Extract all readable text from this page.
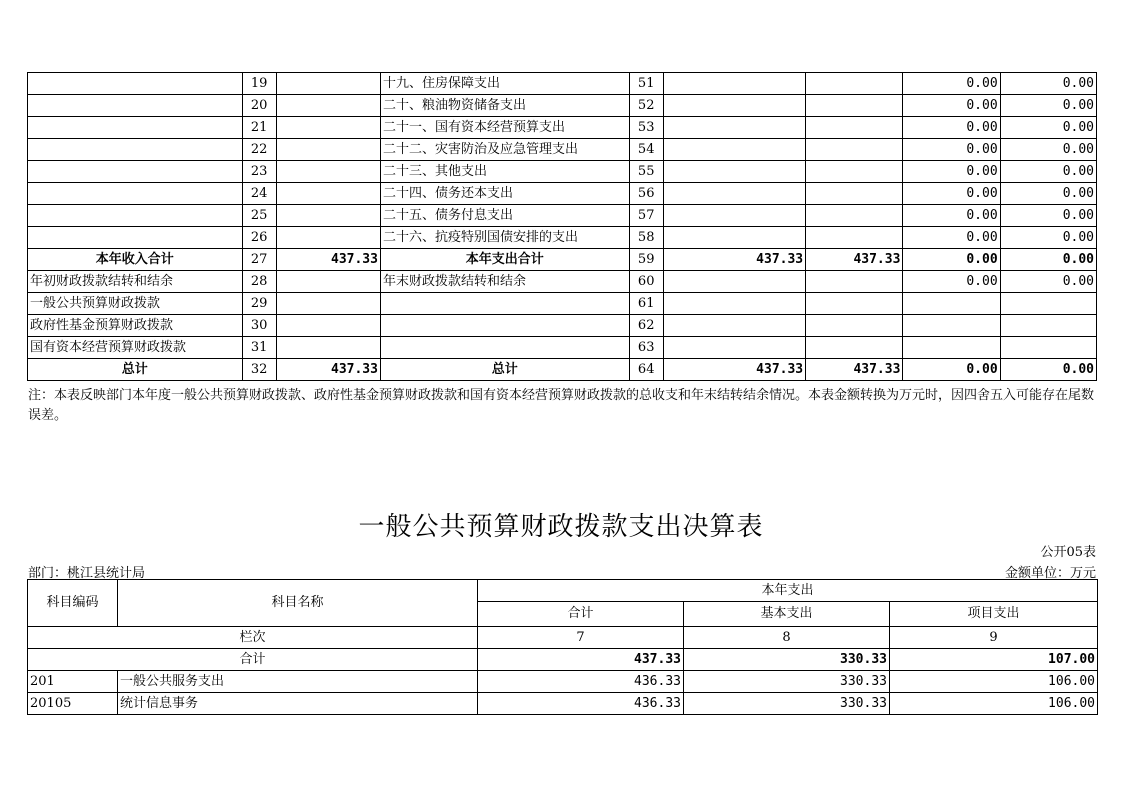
	19		十九、住房保障支出	51			0.00	0.00
	20		二十、粮油物资储备支出	52			0.00	0.00
	21		二十一、国有资本经营预算支出	53			0.00	0.00
	22		二十二、灾害防治及应急管理支出	54			0.00	0.00
	23		二十三、其他支出	55			0.00	0.00
	24		二十四、债务还本支出	56			0.00	0.00
	25		二十五、债务付息支出	57			0.00	0.00
	26		二十六、抗疫特别国债安排的支出	58			0.00	0.00
本年收入合计	27	437.33	本年支出合计	59	437.33	437.33	0.00	0.00
年初财政拨款结转和结余	28		年末财政拨款结转和结余	60			0.00	0.00
一般公共预算财政拨款	29			61				
政府性基金预算财政拨款	30			62				
国有资本经营预算财政拨款	31			63				
总计	32	437.33	总计	64	437.33	437.33	0.00	0.00
注：本表反映部门本年度一般公共预算财政拨款、政府性基金预算财政拨款和国有资本经营预算财政拨款的总收支和年末结转结余情况。本表金额转换为万元时，因四舍五入可能存在尾数误差。
一般公共预算财政拨款支出决算表
公开05表
部门：桃江县统计局	金额单位：万元
科目编码	科目名称	本年支出		
		合计	基本支出	项目支出
栏次		7	8	9
合计		437.33	330.33	107.00
201	一般公共服务支出	436.33	330.33	106.00
20105	统计信息事务	436.33	330.33	106.00
